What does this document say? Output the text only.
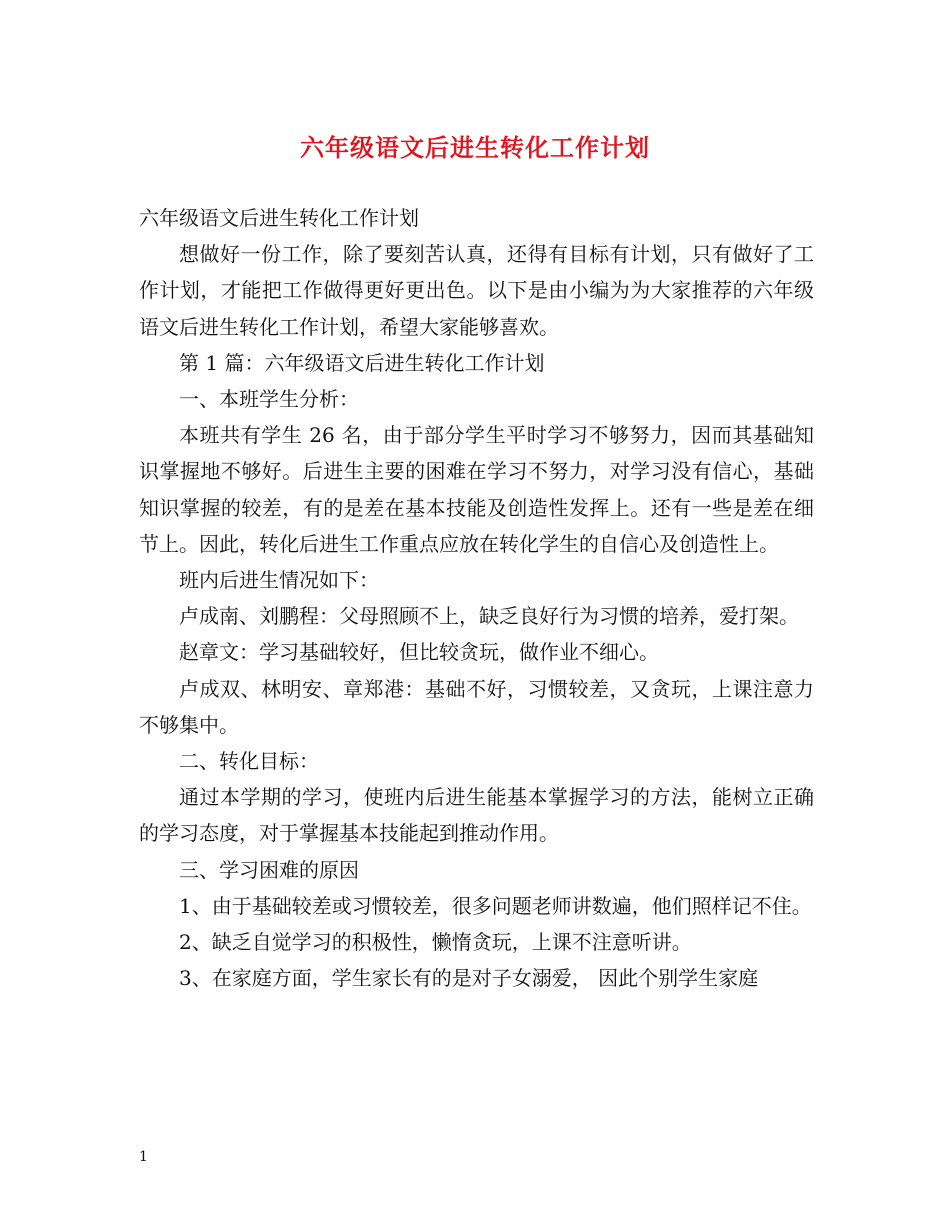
六年级语文后进生转化工作计划

六年级语文后进生转化工作计划

想做好一份工作，除了要刻苦认真，还得有目标有计划，只有做好了工作计划，才能把工作做得更好更出色。以下是由小编为为大家推荐的六年级语文后进生转化工作计划，希望大家能够喜欢。

第 1 篇：六年级语文后进生转化工作计划

一、本班学生分析：

本班共有学生 26 名，由于部分学生平时学习不够努力，因而其基础知识掌握地不够好。后进生主要的困难在学习不努力，对学习没有信心，基础知识掌握的较差，有的是差在基本技能及创造性发挥上。还有一些是差在细节上。因此，转化后进生工作重点应放在转化学生的自信心及创造性上。

班内后进生情况如下：

卢成南、刘鹏程：父母照顾不上，缺乏良好行为习惯的培养，爱打架。

赵章文：学习基础较好，但比较贪玩，做作业不细心。

卢成双、林明安、章郑港：基础不好，习惯较差，又贪玩，上课注意力不够集中。

二、转化目标：

通过本学期的学习，使班内后进生能基本掌握学习的方法，能树立正确的学习态度，对于掌握基本技能起到推动作用。

三、学习困难的原因

1、由于基础较差或习惯较差，很多问题老师讲数遍，他们照样记不住。

2、缺乏自觉学习的积极性，懒惰贪玩，上课不注意听讲。

3、在家庭方面，学生家长有的是对子女溺爱， 因此个别学生家庭

1
